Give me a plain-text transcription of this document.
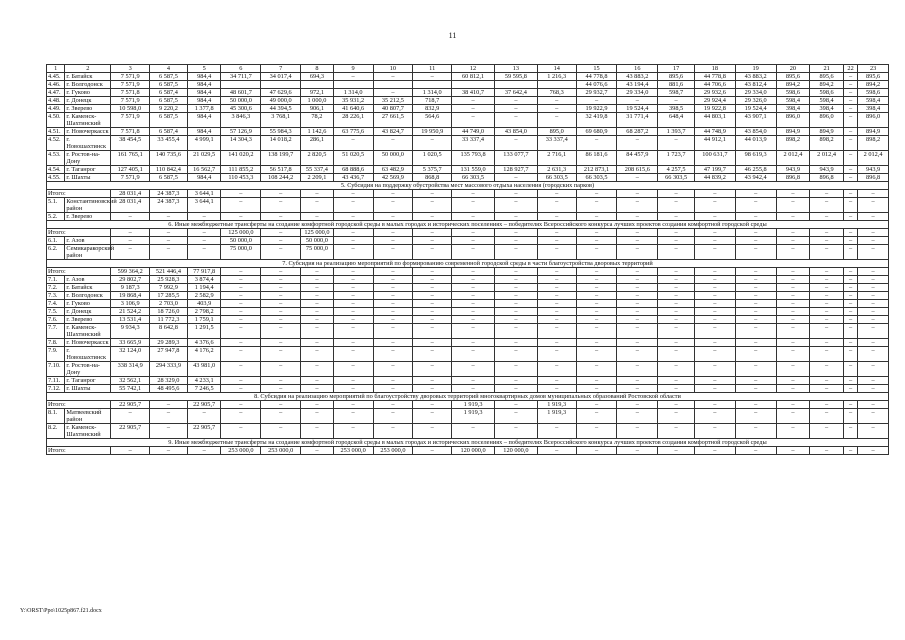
11
1	2	3	4	5	6	7	8	9	10	11	12	13	14	15	16	17	18	19	20	21	22	23
4.45.	г. Батайск	7 571,9	6 587,5	984,4	34 711,7	34 017,4	694,3	–	–	–	60 812,1	59 595,8	1 216,3	44 778,8	43 883,2	895,6	44 778,8	43 883,2	895,6	895,6	–	895,6
4.46.	г. Волгодонск	7 571,9	6 587,5	984,4										44 076,6	43 194,4	881,6	44 706,6	43 812,4	894,2	894,2	–	894,2
4.47.	г. Гуково	7 571,8	6 587,4	984,4	48 601,7	47 629,6	972,1	1 314,0	–	1 314,0	38 410,7	37 642,4	768,3	29 932,7	29 334,0	598,7	29 932,6	29 334,0	598,6	598,6	–	598,6
4.48.	г. Донецк	7 571,9	6 587,5	984,4	50 000,0	49 000,0	1 000,0	35 931,2	35 212,5	718,7	–	–	–	–	–	–	29 924,4	29 326,0	598,4	598,4	–	598,4
4.49.	г. Зверево	10 598,0	9 220,2	1 377,8	45 300,6	44 394,5	906,1	41 640,6	40 807,7	832,9	–	–	–	19 922,9	19 524,4	398,5	19 922,8	19 524,4	398,4	398,4	–	398,4
4.50.	г. Каменск-Шахтинский	7 571,9	6 587,5	984,4	3 846,3	3 768,1	78,2	28 226,1	27 661,5	564,6	–	–	–	32 419,8	31 771,4	648,4	44 803,1	43 907,1	896,0	896,0	–	896,0
4.51.	г. Новочеркасск	7 571,8	6 587,4	984,4	57 126,9	55 984,3	1 142,6	63 775,6	43 824,7	19 950,9	44 749,0	43 854,0	895,0	69 680,9	68 287,2	1 393,7	44 748,9	43 854,0	894,9	894,9	–	894,9
4.52.	г. Новошахтинск	38 454,5	33 455,4	4 999,1	14 304,3	14 018,2	286,1	–	–	–	33 337,4	–	33 337,4	–	–	–	44 912,1	44 013,9	898,2	898,2	–	898,2
4.53.	г. Ростов-на-Дону	161 765,1	140 735,6	21 029,5	141 020,2	138 199,7	2 820,5	51 020,5	50 000,0	1 020,5	135 793,8	133 077,7	2 716,1	86 181,6	84 457,9	1 723,7	100 631,7	98 619,3	2 012,4	2 012,4	–	2 012,4
4.54.	г. Таганрог	127 405,1	110 842,4	16 562,7	111 855,2	56 517,8	55 337,4	68 888,6	63 482,9	5 375,7	131 559,0	128 927,7	2 631,3	212 873,1	208 615,6	4 257,5	47 199,7	46 255,8	943,9	943,9	–	943,9
4.55.	г. Шахты	7 571,9	6 587,5	984,4	110 453,3	108 244,2	2 209,1	43 436,7	42 569,9	868,8	66 303,5	–	66 303,5	66 303,5	–	66 303,5	44 839,2	43 942,4	896,8	896,8	–	896,8
5. Субсидия на поддержку обустройства мест массового отдыха населения (городских парков)																						
Итого:		28 031,4	24 387,3	3 644,1	–	–	–	–	–	–	–	–	–	–	–	–	–	–	–	–	–	–
5.1.	Константиновский район	28 031,4	24 387,3	3 644,1	–	–	–	–	–	–	–	–	–	–	–	–	–	–	–	–	–	–
5.2.	г. Зверево	–	–	–	–	–	–	–	–	–	–	–	–	–	–	–	–	–	–	–	–	–
6. Иные межбюджетные трансферты на создание комфортной городской среды в малых городах и исторических поселениях – победителях Всероссийского конкурса лучших проектов создания комфортной городской среды																						
Итого:		–	–	–	125 000,0	–	125 000,0	–	–	–	–	–	–	–	–	–	–	–	–	–	–	–
6.1.	г. Азов	–	–	–	50 000,0	–	50 000,0	–	–	–	–	–	–	–	–	–	–	–	–	–	–	–
6.2.	Семикаракорский район	–	–	–	75 000,0	–	75 000,0	–	–	–	–	–	–	–	–	–	–	–	–	–	–	–
7. Субсидия на реализацию мероприятий по формированию современной городской среды в части благоустройства дворовых территорий																						
Итого:		599 364,2	521 446,4	77 917,8	–	–	–	–	–	–	–	–	–	–	–	–	–	–	–	–	–	–
7.1.	г. Азов	29 802,7	25 928,3	3 874,4	–	–	–	–	–	–	–	–	–	–	–	–	–	–	–	–	–	–
7.2.	г. Батайск	9 187,3	7 992,9	1 194,4	–	–	–	–	–	–	–	–	–	–	–	–	–	–	–	–	–	–
7.3.	г. Волгодонск	19 868,4	17 285,5	2 582,9	–	–	–	–	–	–	–	–	–	–	–	–	–	–	–	–	–	–
7.4.	г. Гуково	3 106,9	2 703,0	403,9	–	–	–	–	–	–	–	–	–	–	–	–	–	–	–	–	–	–
7.5.	г. Донецк	21 524,2	18 726,0	2 798,2	–	–	–	–	–	–	–	–	–	–	–	–	–	–	–	–	–	–
7.6.	г. Зверево	13 531,4	11 772,3	1 759,1	–	–	–	–	–	–	–	–	–	–	–	–	–	–	–	–	–	–
7.7.	г. Каменск-Шахтинский	9 934,3	8 642,8	1 291,5	–	–	–	–	–	–	–	–	–	–	–	–	–	–	–	–	–	–
7.8.	г. Новочеркасск	33 665,9	29 289,3	4 376,6	–	–	–	–	–	–	–	–	–	–	–	–	–	–	–	–	–	–
7.9.	г. Новошахтинск	32 124,0	27 947,8	4 176,2	–	–	–	–	–	–	–	–	–	–	–	–	–	–	–	–	–	–
7.10.	г. Ростов-на-Дону	338 314,9	294 333,9	43 981,0	–	–	–	–	–	–	–	–	–	–	–	–	–	–	–	–	–	–
7.11.	г. Таганрог	32 562,1	28 329,0	4 233,1	–	–	–	–	–	–	–	–	–	–	–	–	–	–	–	–	–	–
7.12.	г. Шахты	55 742,1	48 495,6	7 246,5	–	–	–	–	–	–	–	–	–	–	–	–	–	–	–	–	–	–
8. Субсидия на реализацию мероприятий по благоустройству дворовых территорий многоквартирных домов муниципальных образований Ростовской области																						
Итого:		22 905,7	–	22 905,7	–	–	–	–	–	–	1 919,3	–	1 919,3	–	–	–	–	–	–	–	–	–
8.1.	Матвеевский район	–	–	–	–	–	–	–	–	–	1 919,3	–	1 919,3	–	–	–	–	–	–	–	–	–
8.2.	г. Каменск-Шахтинский	22 905,7	–	22 905,7	–	–	–	–	–	–	–	–	–	–	–	–	–	–	–	–	–	–
9. Иные межбюджетные трансферты на создание комфортной городской среды в малых городах и исторических поселениях – победителях Всероссийского конкурса лучших проектов создания комфортной городской среды																						
Итого:		–	–	–	253 000,0	253 000,0	–	253 000,0	253 000,0	–	120 000,0	120 000,0	–	–	–	–	–	–	–	–	–	–
Y:\ORST\Ppo\1025p867.f21.docx
